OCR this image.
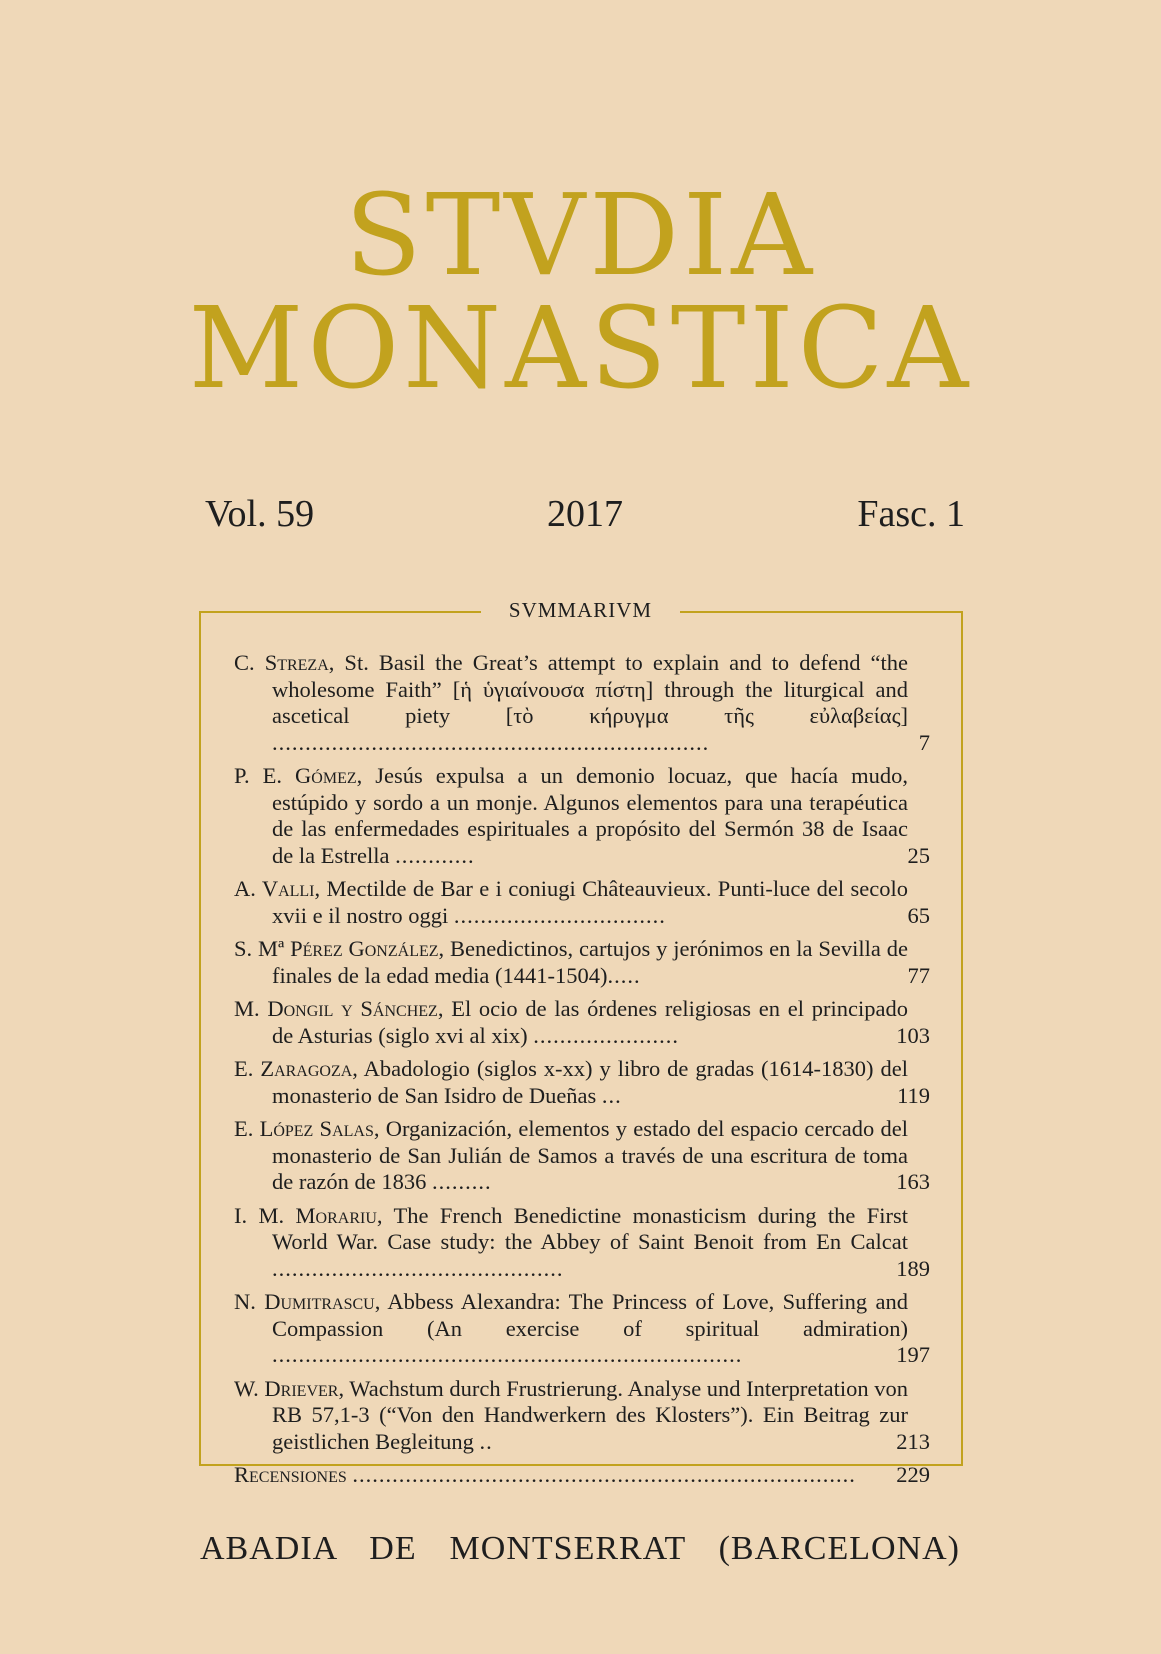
STVDIA
MONASTICA
Vol. 59	2017	Fasc. 1
SVMMARIVM
C. Streza, St. Basil the Great’s attempt to explain and to defend “the wholesome Faith” [ἡ ὑγιαίνουσα πίστη] through the liturgical and ascetical piety [τὸ κήρυγμα τῆς εὐλαβείας] ..................................................................	7
P. E. Gómez, Jesús expulsa a un demonio locuaz, que hacía mudo, estúpido y sordo a un monje. Algunos elementos para una terapéutica de las enfermedades espirituales a propósito del Sermón 38 de Isaac de la Estrella ............	25
A. Valli, Mectilde de Bar e i coniugi Châteauvieux. Punti-luce del secolo xvii e il nostro oggi ................................	65
S. Mª Pérez González, Benedictinos, cartujos y jerónimos en la Sevilla de finales de la edad media (1441-1504).....	77
M. Dongil y Sánchez, El ocio de las órdenes religiosas en el principado de Asturias (siglo xvi al xix) ......................	103
E. Zaragoza, Abadologio (siglos x-xx) y libro de gradas (1614-1830) del monasterio de San Isidro de Dueñas ...	119
E. López Salas, Organización, elementos y estado del espacio cercado del monasterio de San Julián de Samos a través de una escritura de toma de razón de 1836 .........	163
I. M. Morariu, The French Benedictine monasticism during the First World War. Case study: the Abbey of Saint Benoit from En Calcat ............................................	189
N. Dumitrascu, Abbess Alexandra: The Princess of Love, Suffering and Compassion (An exercise of spiritual admiration) .......................................................................	197
W. Driever, Wachstum durch Frustrierung. Analyse und Interpretation von RB 57,1-3 (“Von den Handwerkern des Klosters”). Ein Beitrag zur geistlichen Begleitung ..	213
Recensiones ............................................................................	229
ABADIA DE MONTSERRAT (BARCELONA)
